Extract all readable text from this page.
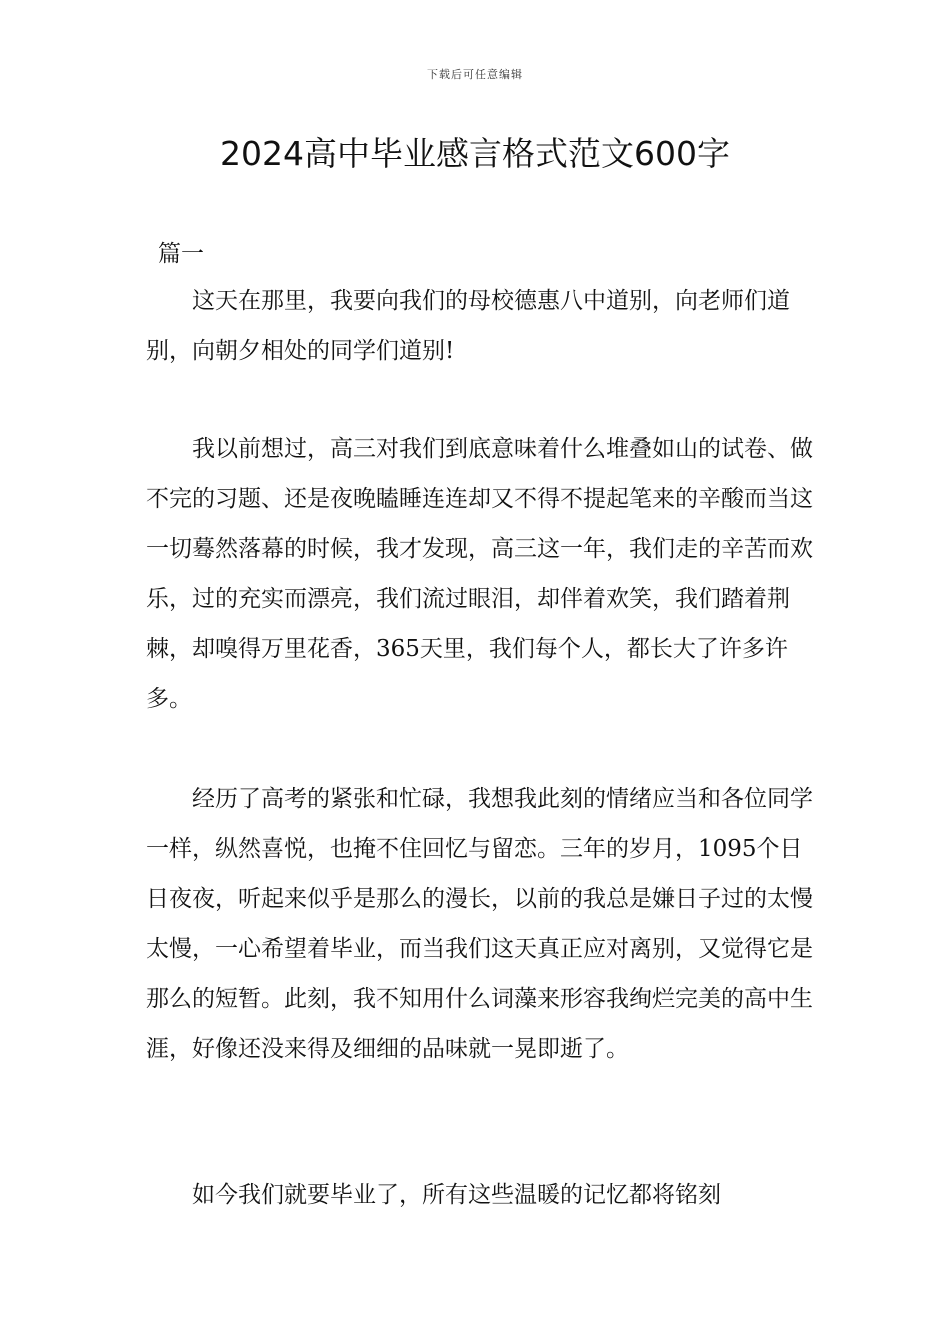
下载后可任意编辑
2024高中毕业感言格式范文600字
篇一
这天在那里，我要向我们的母校德惠八中道别，向老师们道别，向朝夕相处的同学们道别!
我以前想过，高三对我们到底意味着什么堆叠如山的试卷、做不完的习题、还是夜晚瞌睡连连却又不得不提起笔来的辛酸而当这一切蓦然落幕的时候，我才发现，高三这一年，我们走的辛苦而欢乐，过的充实而漂亮，我们流过眼泪，却伴着欢笑，我们踏着荆棘，却嗅得万里花香，365天里，我们每个人，都长大了许多许多。
经历了高考的紧张和忙碌，我想我此刻的情绪应当和各位同学一样，纵然喜悦，也掩不住回忆与留恋。三年的岁月，1095个日日夜夜，听起来似乎是那么的漫长，以前的我总是嫌日子过的太慢太慢，一心希望着毕业，而当我们这天真正应对离别，又觉得它是那么的短暂。此刻，我不知用什么词藻来形容我绚烂完美的高中生涯，好像还没来得及细细的品味就一晃即逝了。
如今我们就要毕业了，所有这些温暖的记忆都将铭刻
